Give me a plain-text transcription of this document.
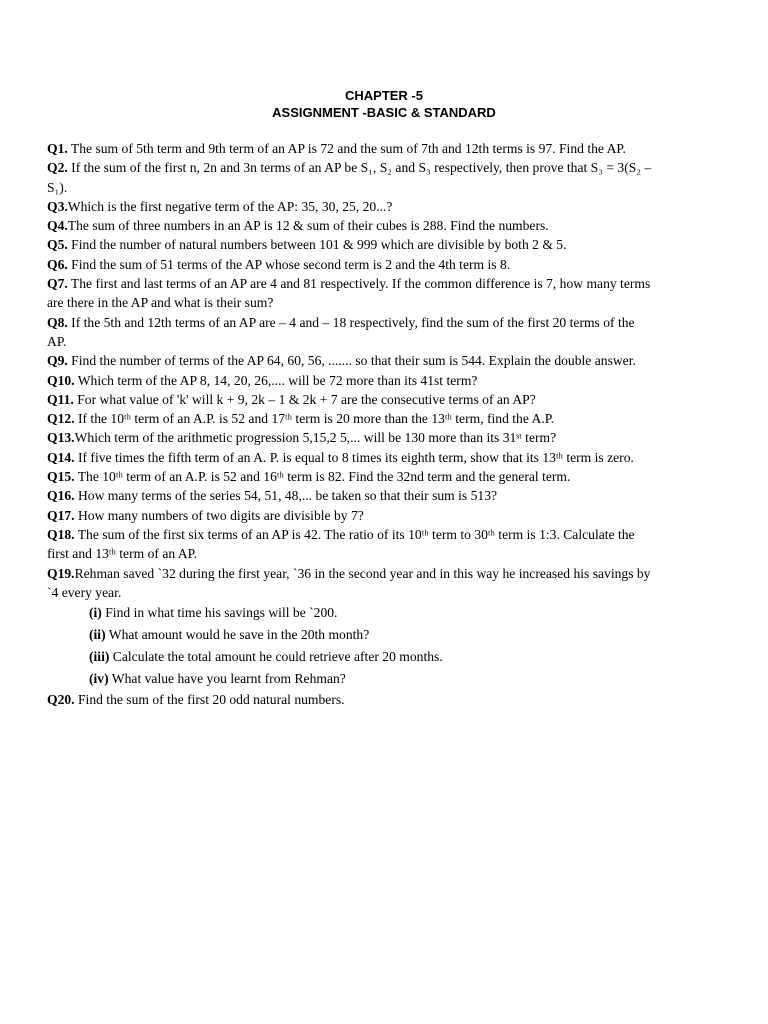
CHAPTER -5
ASSIGNMENT -BASIC & STANDARD
Q1. The sum of 5th term and 9th term of an AP is 72 and the sum of 7th and 12th terms is 97. Find the AP.
Q2. If the sum of the first n, 2n and 3n terms of an AP be S₁, S₂ and S₃ respectively, then prove that S₃ = 3(S₂ –
S₁).
Q3.Which is the first negative term of the AP: 35, 30, 25, 20...?
Q4.The sum of three numbers in an AP is 12 & sum of their cubes is 288. Find the numbers.
Q5. Find the number of natural numbers between 101 & 999 which are divisible by both 2 & 5.
Q6. Find the sum of 51 terms of the AP whose second term is 2 and the 4th term is 8.
Q7. The first and last terms of an AP are 4 and 81 respectively. If the common difference is 7, how many terms
are there in the AP and what is their sum?
Q8. If the 5th and 12th terms of an AP are – 4 and – 18 respectively, find the sum of the first 20 terms of the
AP.
Q9. Find the number of terms of the AP 64, 60, 56, ....... so that their sum is 544. Explain the double answer.
Q10. Which term of the AP 8, 14, 20, 26,.... will be 72 more than its 41st term?
Q11. For what value of 'k' will k + 9, 2k – 1 & 2k + 7 are the consecutive terms of an AP?
Q12. If the 10ᵗʰ term of an A.P. is 52 and 17ᵗʰ term is 20 more than the 13ᵗʰ term, find the A.P.
Q13.Which term of the arithmetic progression 5,15,2 5,... will be 130 more than its 31ˢᵗ term?
Q14. If five times the fifth term of an A. P. is equal to 8 times its eighth term, show that its 13ᵗʰ term is zero.
Q15. The 10ᵗʰ term of an A.P. is 52 and 16ᵗʰ term is 82. Find the 32nd term and the general term.
Q16. How many terms of the series 54, 51, 48,... be taken so that their sum is 513?
Q17. How many numbers of two digits are divisible by 7?
Q18. The sum of the first six terms of an AP is 42. The ratio of its 10ᵗʰ term to 30ᵗʰ term is 1:3. Calculate the
first and 13ᵗʰ term of an AP.
Q19.Rehman saved `32 during the first year, `36 in the second year and in this way he increased his savings by
`4 every year.
(i) Find in what time his savings will be `200.
(ii) What amount would he save in the 20th month?
(iii) Calculate the total amount he could retrieve after 20 months.
(iv) What value have you learnt from Rehman?
Q20. Find the sum of the first 20 odd natural numbers.
